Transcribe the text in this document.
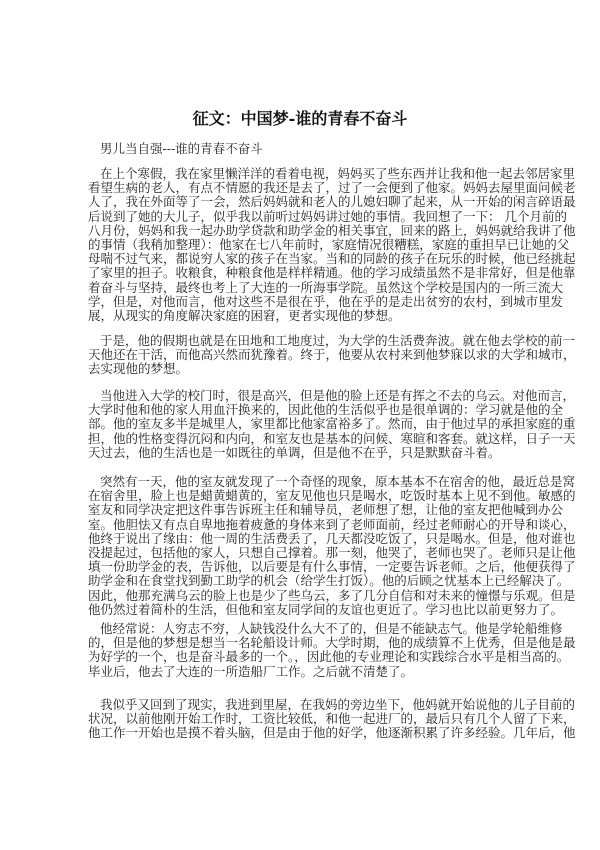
征文：中国梦-谁的青春不奋斗
男儿当自强---谁的青春不奋斗
在上个寒假，我在家里懒洋洋的看着电视，妈妈买了些东西并让我和他一起去邻居家里
看望生病的老人，有点不情愿的我还是去了，过了一会便到了他家。妈妈去屋里面问候老
人了，我在外面等了一会，然后妈妈就和老人的儿媳妇聊了起来，从一开始的闲言碎语最
后说到了她的大儿子，似乎我以前听过妈妈讲过她的事情。我回想了一下： 几个月前的
八月份，妈妈和我一起办助学贷款和助学金的相关事宜，回来的路上，妈妈就给我讲了他
的事情（我稍加整理）：他家在七八年前时，家庭情况很糟糕，家庭的重担早已让她的父
母喘不过气来，都说穷人家的孩子在当家。当和的同龄的孩子在玩乐的时候，他已经挑起
了家里的担子。收粮食，种粮食他是样样精通。他的学习成绩虽然不是非常好，但是他靠
着奋斗与坚持，最终也考上了大连的一所海事学院。虽然这个学校是国内的一所三流大
学，但是，对他而言，他对这些不是很在乎，他在乎的是走出贫穷的农村，到城市里发
展，从现实的角度解决家庭的困窘，更者实现他的梦想。
于是，他的假期也就是在田地和工地度过，为大学的生活费奔波。就在他去学校的前一
天他还在干活，而他高兴然而犹豫着。终于，他要从农村来到他梦寐以求的大学和城市，
去实现他的梦想。
当他进入大学的校门时，很是高兴，但是他的脸上还是有挥之不去的乌云。对他而言，
大学时他和他的家人用血汗换来的，因此他的生活似乎也是很单调的：学习就是他的全
部。他的室友多半是城里人，家里都比他家富裕多了。然而，由于他过早的承担家庭的重
担，他的性格变得沉闷和内向，和室友也是基本的问候、寒暄和客套。就这样，日子一天
天过去，他的生活也是一如既往的单调，但是他不在乎，只是默默奋斗着。
突然有一天，他的室友就发现了一个奇怪的现象，原本基本不在宿舍的他，最近总是窝
在宿舍里，脸上也是蜡黄蜡黄的，室友见他也只是喝水，吃饭时基本上见不到他。敏感的
室友和同学决定把这件事告诉班主任和辅导员，老师想了想，让他的室友把他喊到办公
室。他胆怯又有点自卑地拖着疲惫的身体来到了老师面前，经过老师耐心的开导和谈心，
他终于说出了缘由：他一周的生活费丢了，几天都没吃饭了，只是喝水。但是，他对谁也
没提起过，包括他的家人，只想自己撑着。那一刻，他哭了，老师也哭了。老师只是让他
填一份助学金的表，告诉他，以后要是有什么事情，一定要告诉老师。之后，他便获得了
助学金和在食堂找到勤工助学的机会（给学生打饭）。他的后顾之忧基本上已经解决了。
因此，他那充满乌云的脸上也是少了些乌云，多了几分自信和对未来的憧憬与乐观。但是
他仍然过着简朴的生活，但他和室友同学间的友谊也更近了。学习也比以前更努力了。
他经常说：人穷志不穷，人缺钱没什么大不了的，但是不能缺志气。他是学轮船维修
的，但是他的梦想是想当一名轮船设计师。大学时期，他的成绩算不上优秀，但是他是最
为好学的一个，也是奋斗最多的一个。，因此他的专业理论和实践综合水平是相当高的。
毕业后，他去了大连的一所造船厂工作。之后就不清楚了。
我似乎又回到了现实，我进到里屋，在我妈的旁边坐下，他妈就开始说他的儿子目前的
状况，以前他刚开始工作时，工资比较低，和他一起进厂的，最后只有几个人留了下来，
他工作一开始也是摸不着头脑，但是由于他的好学，他逐渐积累了许多经验。几年后，他
